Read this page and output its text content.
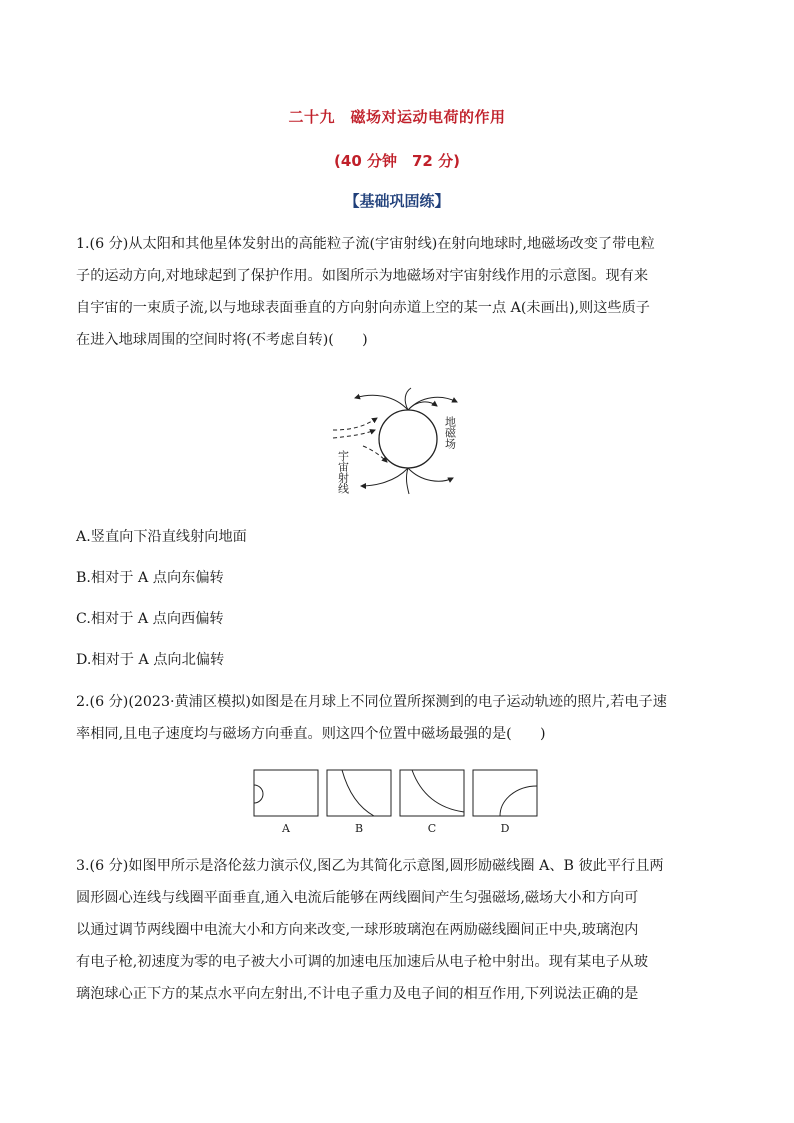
二十九　磁场对运动电荷的作用
(40 分钟　72 分)
【基础巩固练】
1.(6 分)从太阳和其他星体发射出的高能粒子流(宇宙射线)在射向地球时,地磁场改变了带电粒
子的运动方向,对地球起到了保护作用。如图所示为地磁场对宇宙射线作用的示意图。现有来
自宇宙的一束质子流,以与地球表面垂直的方向射向赤道上空的某一点 A(未画出),则这些质子
在进入地球周围的空间时将(不考虑自转)(　　)
宇宙射线
地磁场
A.竖直向下沿直线射向地面
B.相对于 A 点向东偏转
C.相对于 A 点向西偏转
D.相对于 A 点向北偏转
2.(6 分)(2023·黄浦区模拟)如图是在月球上不同位置所探测到的电子运动轨迹的照片,若电子速
率相同,且电子速度均与磁场方向垂直。则这四个位置中磁场最强的是(　　)
A	B	C	D
3.(6 分)如图甲所示是洛伦兹力演示仪,图乙为其简化示意图,圆形励磁线圈 A、B 彼此平行且两
圆形圆心连线与线圈平面垂直,通入电流后能够在两线圈间产生匀强磁场,磁场大小和方向可
以通过调节两线圈中电流大小和方向来改变,一球形玻璃泡在两励磁线圈间正中央,玻璃泡内
有电子枪,初速度为零的电子被大小可调的加速电压加速后从电子枪中射出。现有某电子从玻
璃泡球心正下方的某点水平向左射出,不计电子重力及电子间的相互作用,下列说法正确的是
